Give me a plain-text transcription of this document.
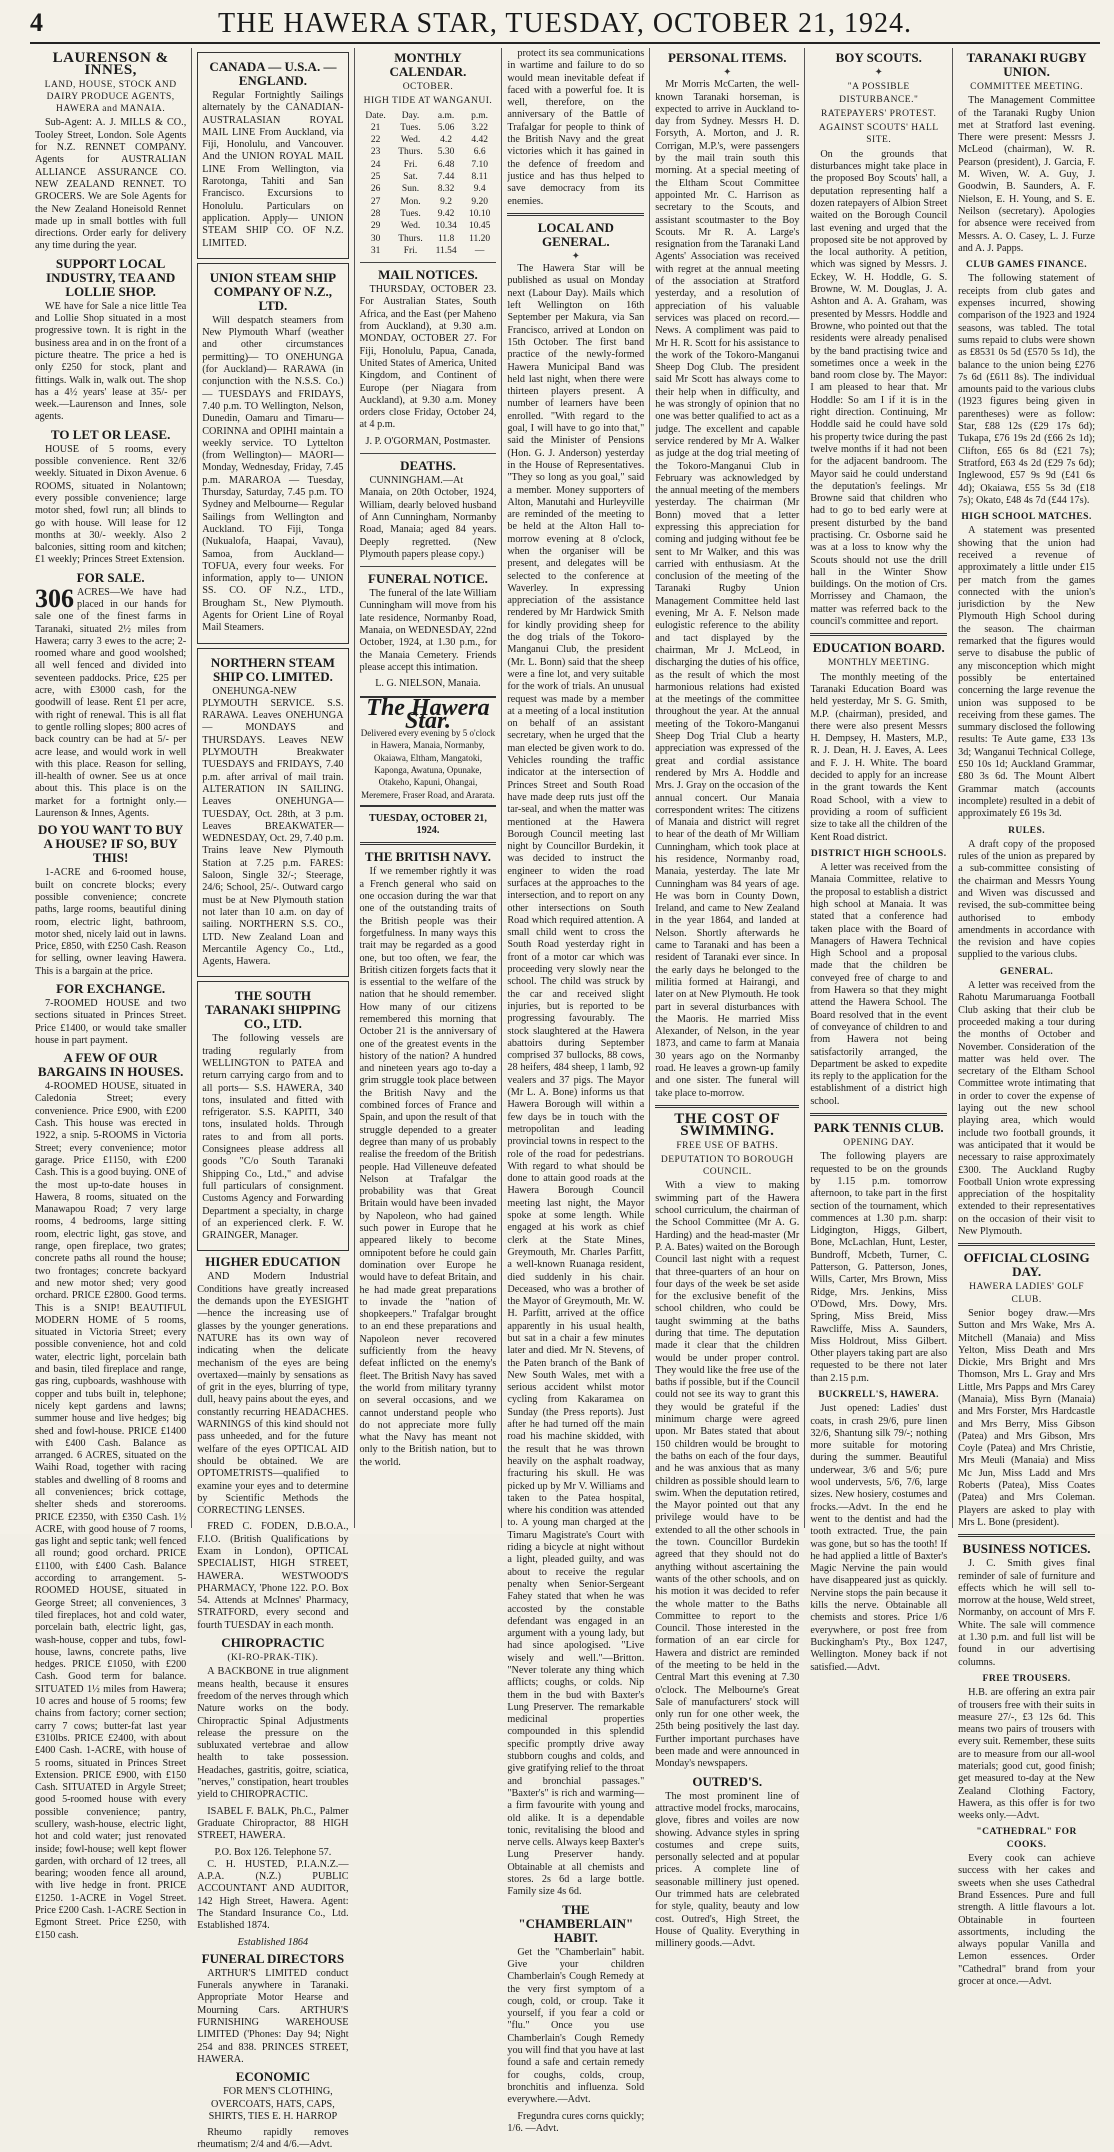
4	THE HAWERA STAR, TUESDAY, OCTOBER 21, 1924.
LAURENSON & INNES,
LAND, HOUSE, STOCK AND DAIRY PRODUCE AGENTS, HAWERA and MANAIA.

Sub-Agent: A. J. MILLS & CO., Tooley Street, London. Sole Agents for N.Z. RENNET COMPANY. Agents for AUSTRALIAN ALLIANCE ASSURANCE CO. NEW ZEALAND RENNET. TO GROCERS. We are Sole Agents for the New Zealand Honeisold Rennet made up in small bottles with full directions. Order early for delivery any time during the year.

SUPPORT LOCAL INDUSTRY, TEA AND LOLLIE SHOP.

WE have for Sale a nice little Tea and Lollie Shop situated in a most progressive town. It is right in the business area and in on the front of a picture theatre. The price a hed is only £250 for stock, plant and fittings. Walk in, walk out. The shop has a 4½ years' lease at 35/- per week.—Laurenson and Innes, sole agents.

TO LET OR LEASE.

HOUSE of 5 rooms, every possible convenience. Rent 32/6 weekly. Situated in Dixon Avenue. 6 ROOMS, situated in Nolantown; every possible convenience; large motor shed, fowl run; all blinds to go with house. Will lease for 12 months at 30/- weekly. Also 2 balconies, sitting room and kitchen; £1 weekly; Princes Street Extension.

FOR SALE.
306 ACRES—We have had placed in our hands for sale one of the finest farms in Taranaki, situated 2½ miles from Hawera; carry 3 ewes to the acre; 2-roomed whare and good woolshed; all well fenced and divided into seventeen paddocks. Price, £25 per acre, with £3000 cash, for the goodwill of lease. Rent £1 per acre, with right of renewal. This is all flat to gentle rolling slopes; 800 acres of back country can be had at 5/- per acre lease, and would work in well with this place. Reason for selling, ill-health of owner. See us at once about this. This place is on the market for a fortnight only.—Laurenson & Innes, Agents.
DO YOU WANT TO BUY A HOUSE? IF SO, BUY THIS!

1-ACRE and 6-roomed house, built on concrete blocks; every possible convenience; concrete paths, large rooms, beautiful dining room, electric light, bathroom, motor shed, nicely laid out in lawns. Price, £850, with £250 Cash. Reason for selling, owner leaving Hawera. This is a bargain at the price.

FOR EXCHANGE.

7-ROOMED HOUSE and two sections situated in Princes Street. Price £1400, or would take smaller house in part payment.

A FEW OF OUR BARGAINS IN HOUSES.

4-ROOMED HOUSE, situated in Caledonia Street; every convenience. Price £900, with £200 Cash. This house was erected in 1922, a snip. 5-ROOMS in Victoria Street; every convenience; motor garage. Price £1150, with £200 Cash. This is a good buying. ONE of the most up-to-date houses in Hawera, 8 rooms, situated on the Manawapou Road; 7 very large rooms, 4 bedrooms, large sitting room, electric light, gas stove, and range, open fireplace, two grates; concrete paths all round the house; two frontages; concrete backyard and new motor shed; very good orchard. PRICE £2800. Good terms. This is a SNIP! BEAUTIFUL MODERN HOME of 5 rooms, situated in Victoria Street; every possible convenience, hot and cold water, electric light, porcelain bath and basin, tiled fireplace and range, gas ring, cupboards, washhouse with copper and tubs built in, telephone; nicely kept gardens and lawns; summer house and live hedges; big shed and fowl-house. PRICE £1400 with £400 Cash. Balance as arranged. 6 ACRES, situated on the Waihi Road, together with racing stables and dwelling of 8 rooms and all conveniences; brick cottage, shelter sheds and storerooms. PRICE £2350, with £350 Cash. 1½ ACRE, with good house of 7 rooms, gas light and septic tank; well fenced all round; good orchard. PRICE £1100, with £400 Cash. Balance according to arrangement. 5-ROOMED HOUSE, situated in George Street; all conveniences, 3 tiled fireplaces, hot and cold water, porcelain bath, electric light, gas, wash-house, copper and tubs, fowl-house, lawns, concrete paths, live hedges. PRICE £1050, with £200 Cash. Good term for balance. SITUATED 1½ miles from Hawera; 10 acres and house of 5 rooms; few chains from factory; corner section; carry 7 cows; butter-fat last year £310lbs. PRICE £2400, with about £400 Cash. 1-ACRE, with house of 5 rooms, situated in Princes Street Extension. PRICE £900, with £150 Cash. SITUATED in Argyle Street; good 5-roomed house with every possible convenience; pantry, scullery, wash-house, electric light, hot and cold water; just renovated inside; fowl-house; well kept flower garden, with orchard of 12 trees, all bearing; wooden fence all around, with live hedge in front. PRICE £1250. 1-ACRE in Vogel Street. Price £200 Cash. 1-ACRE Section in Egmont Street. Price £250, with £150 cash.

CANADA — U.S.A. — ENGLAND.

Regular Fortnightly Sailings alternately by the CANADIAN-AUSTRALASIAN ROYAL MAIL LINE From Auckland, via Fiji, Honolulu, and Vancouver. And the UNION ROYAL MAIL LINE From Wellington, via Rarotonga, Tahiti and San Francisco. Excursions to Honolulu. Particulars on application. Apply— UNION STEAM SHIP CO. OF N.Z. LIMITED.

UNION STEAM SHIP COMPANY OF N.Z., LTD.

Will despatch steamers from New Plymouth Wharf (weather and other circumstances permitting)— TO ONEHUNGA (for Auckland)— RARAWA (in conjunction with the N.S.S. Co.)— TUESDAYS and FRIDAYS, 7.40 p.m. TO Wellington, Nelson, Dunedin, Oamaru and Timaru— CORINNA and OPIHI maintain a weekly service. TO Lyttelton (from Wellington)— MAORI—Monday, Wednesday, Friday, 7.45 p.m. MARAROA — Tuesday, Thursday, Saturday, 7.45 p.m. TO Sydney and Melbourne— Regular Sailings from Wellington and Auckland. TO Fiji, Tonga (Nukualofa, Haapai, Vavau), Samoa, from Auckland— TOFUA, every four weeks. For information, apply to— UNION SS. CO. OF N.Z., LTD., Brougham St., New Plymouth. Agents for Orient Line of Royal Mail Steamers.

NORTHERN STEAM SHIP CO. LIMITED.

ONEHUNGA-NEW PLYMOUTH SERVICE. S.S. RARAWA. Leaves ONEHUNGA— MONDAYS and THURSDAYS. Leaves NEW PLYMOUTH Breakwater TUESDAYS and FRIDAYS, 7.40 p.m. after arrival of mail train. ALTERATION IN SAILING. Leaves ONEHUNGA— TUESDAY, Oct. 28th, at 3 p.m. Leaves BREAKWATER— WEDNESDAY, Oct. 29, 7.40 p.m. Trains leave New Plymouth Station at 7.25 p.m. FARES: Saloon, Single 32/-; Steerage, 24/6; School, 25/-. Outward cargo must be at New Plymouth station not later than 10 a.m. on day of sailing. NORTHERN S.S. CO., LTD. New Zealand Loan and Mercantile Agency Co., Ltd., Agents, Hawera.

THE SOUTH TARANAKI SHIPPING CO., LTD.

The following vessels are trading regularly from WELLINGTON to PATEA and return carrying cargo from and to all ports— S.S. HAWERA, 340 tons, insulated and fitted with refrigerator. S.S. KAPITI, 340 tons, insulated holds. Through rates to and from all ports. Consignees please address all goods "C/o South Taranaki Shipping Co., Ltd.," and advise full particulars of consignment. Customs Agency and Forwarding Department a specialty, in charge of an experienced clerk. F. W. GRAINGER, Manager.

HIGHER EDUCATION

AND Modern Industrial Conditions have greatly increased the demands upon the EYESIGHT—hence the increasing use of glasses by the younger generations. NATURE has its own way of indicating when the delicate mechanism of the eyes are being overtaxed—mainly by sensations as of grit in the eyes, blurring of type, dull, heavy pains about the eyes, and constantly recurring HEADACHES. WARNINGS of this kind should not pass unheeded, and for the future welfare of the eyes OPTICAL AID should be obtained. We are OPTOMETRISTS—qualified to examine your eyes and to determine by Scientific Methods the CORRECTING LENSES.

FRED C. FODEN, D.B.O.A., F.I.O. (British Qualifications by Exam in London), OPTICAL SPECIALIST, HIGH STREET, HAWERA. WESTWOOD'S PHARMACY, 'Phone 122. P.O. Box 54. Attends at McInnes' Pharmacy, STRATFORD, every second and fourth TUESDAY in each month.

CHIROPRACTIC
(KI-RO-PRAK-TIK).

A BACKBONE in true alignment means health, because it ensures freedom of the nerves through which Nature works on the body. Chiropractic Spinal Adjustments release the pressure on the subluxated vertebrae and allow health to take possession. Headaches, gastritis, goitre, sciatica, "nerves," constipation, heart troubles yield to CHIROPRACTIC.

ISABEL F. BALK, Ph.C., Palmer Graduate Chiropractor, 88 HIGH STREET, HAWERA.

P.O. Box 126. Telephone 57.

C. H. HUSTED, P.I.A.N.Z.—A.P.A. (N.Z.) PUBLIC ACCOUNTANT AND AUDITOR, 142 High Street, Hawera. Agent: The Standard Insurance Co., Ltd. Established 1874.

Established 1864
FUNERAL DIRECTORS

ARTHUR'S LIMITED conduct Funerals anywhere in Taranaki. Appropriate Motor Hearse and Mourning Cars. ARTHUR'S FURNISHING WAREHOUSE LIMITED ('Phones: Day 94; Night 254 and 838. PRINCES STREET, HAWERA.

ECONOMIC

FOR MEN'S CLOTHING, OVERCOATS, HATS, CAPS, SHIRTS, TIES E. H. HARROP

Rheumo rapidly removes rheumatism; 2/4 and 4/6.—Advt.

MONTHLY CALENDAR.
OCTOBER.
HIGH TIDE AT WANGANUI.
Date.	Day.	a.m.	p.m.
21	Tues.	5.06	3.22
22	Wed.	4.2	4.42
23	Thurs.	5.30	6.6
24	Fri.	6.48	7.10
25	Sat.	7.44	8.11
26	Sun.	8.32	9.4
27	Mon.	9.2	9.20
28	Tues.	9.42	10.10
29	Wed.	10.34	10.45
30	Thurs.	11.8	11.20
31	Fri.	11.54	—
MAIL NOTICES.

THURSDAY, OCTOBER 23. For Australian States, South Africa, and the East (per Maheno from Auckland), at 9.30 a.m. MONDAY, OCTOBER 27. For Fiji, Honolulu, Papua, Canada, United States of America, United Kingdom, and Continent of Europe (per Niagara from Auckland), at 9.30 a.m. Money orders close Friday, October 24, at 4 p.m.

J. P. O'GORMAN, Postmaster.
DEATHS.

CUNNINGHAM.—At Manaia, on 20th October, 1924, William, dearly beloved husband of Ann Cunningham, Normanby Road, Manaia; aged 84 years. Deeply regretted. (New Plymouth papers please copy.)

FUNERAL NOTICE.

The funeral of the late William Cunningham will move from his late residence, Normanby Road, Manaia, on WEDNESDAY, 22nd October, 1924, at 1.30 p.m., for the Manaia Cemetery. Friends please accept this intimation.

L. G. NIELSON, Manaia.
The Hawera Star.
Delivered every evening by 5 o'clock in Hawera, Manaia, Normanby, Okaiawa, Eltham, Mangatoki, Kaponga, Awatuna, Opunake, Otakeho, Kapuni, Ohangai, Meremere, Fraser Road, and Ararata.
TUESDAY, OCTOBER 21, 1924.
THE BRITISH NAVY.

If we remember rightly it was a French general who said on one occasion during the war that one of the outstanding traits of the British people was their forgetfulness. In many ways this trait may be regarded as a good one, but too often, we fear, the British citizen forgets facts that it is essential to the welfare of the nation that he should remember. How many of our citizens remembered this morning that October 21 is the anniversary of one of the greatest events in the history of the nation? A hundred and nineteen years ago to-day a grim struggle took place between the British Navy and the combined forces of France and Spain, and upon the result of that struggle depended to a greater degree than many of us probably realise the freedom of the British people. Had Villeneuve defeated Nelson at Trafalgar the probability was that Great Britain would have been invaded by Napoleon, who had gained such power in Europe that he appeared likely to become omnipotent before he could gain domination over Europe he would have to defeat Britain, and he had made great preparations to invade the "nation of shopkeepers." Trafalgar brought to an end these preparations and Napoleon never recovered sufficiently from the heavy defeat inflicted on the enemy's fleet. The British Navy has saved the world from military tyranny on several occasions, and we cannot understand people who do not appreciate more fully what the Navy has meant not only to the British nation, but to the world.

protect its sea communications in wartime and failure to do so would mean inevitable defeat if faced with a powerful foe. It is well, therefore, on the anniversary of the Battle of Trafalgar for people to think of the British Navy and the great victories which it has gained in the defence of freedom and justice and has thus helped to save democracy from its enemies.

LOCAL AND GENERAL.
✦

The Hawera Star will be published as usual on Monday next (Labour Day). Mails which left Wellington on 16th September per Makura, via San Francisco, arrived at London on 15th October. The first band practice of the newly-formed Hawera Municipal Band was held last night, when there were thirteen players present. A number of learners have been enrolled. "With regard to the goal, I will have to go into that," said the Minister of Pensions (Hon. G. J. Anderson) yesterday in the House of Representatives. "They so long as you goal," said a member. Money supporters of Alton, Manutahi and Hurleyville are reminded of the meeting to be held at the Alton Hall to-morrow evening at 8 o'clock, when the organiser will be present, and delegates will be selected to the conference at Waverley. In expressing appreciation of the assistance rendered by Mr Hardwick Smith for kindly providing sheep for the dog trials of the Tokoro-Manganui Club, the president (Mr. L. Bonn) said that the sheep were a fine lot, and very suitable for the work of trials. An unusual request was made by a member at a meeting of a local institution on behalf of an assistant secretary, when he urged that the man elected be given work to do. Vehicles rounding the traffic indicator at the intersection of Princes Street and South Road have made deep ruts just off the tar-seal, and when the matter was mentioned at the Hawera Borough Council meeting last night by Councillor Burdekin, it was decided to instruct the engineer to widen the road surfaces at the approaches to the intersection, and to report on any other intersections on South Road which required attention. A small child went to cross the South Road yesterday right in front of a motor car which was proceeding very slowly near the school. The child was struck by the car and received slight injuries, but is reported to be progressing favourably. The stock slaughtered at the Hawera abattoirs during September comprised 37 bullocks, 88 cows, 28 heifers, 484 sheep, 1 lamb, 92 vealers and 37 pigs. The Mayor (Mr L. A. Bone) informs us that Hawera Borough will within a few days be in touch with the metropolitan and leading provincial towns in respect to the role of the road for pedestrians. With regard to what should be done to attain good roads at the Hawera Borough Council meeting last night, the Mayor spoke at some length. While engaged at his work as chief clerk at the State Mines, Greymouth, Mr. Charles Parfitt, a well-known Ruanaga resident, died suddenly in his chair. Deceased, who was a brother of the Mayor of Greymouth, Mr. W. H. Parfitt, arrived at the office apparently in his usual health, but sat in a chair a few minutes later and died. Mr N. Stevens, of the Paten branch of the Bank of New South Wales, met with a serious accident whilst motor cycling from Kakaramea on Sunday (the Press reports). Just after he had turned off the main road his machine skidded, with the result that he was thrown heavily on the asphalt roadway, fracturing his skull. He was picked up by Mr V. Williams and taken to the Patea hospital, where his condition was attended to. A young man charged at the Timaru Magistrate's Court with riding a bicycle at night without a light, pleaded guilty, and was about to receive the regular penalty when Senior-Sergeant Fahey stated that when he was accosted by the constable defendant was engaged in an argument with a young lady, but had since apologised. "Live wisely and well."—Britton. "Never tolerate any thing which afflicts; coughs, or colds. Nip them in the bud with Baxter's Lung Preserver. The remarkable medicinal properties compounded in this splendid specific promptly drive away stubborn coughs and colds, and give gratifying relief to the throat and bronchial passages." "Baxter's" is rich and warming—a firm favourite with young and old alike. It is a dependable tonic, revitalising the blood and nerve cells. Always keep Baxter's Lung Preserver handy. Obtainable at all chemists and stores. 2s 6d a large bottle. Family size 4s 6d.

THE "CHAMBERLAIN" HABIT.

Get the "Chamberlain" habit. Give your children Chamberlain's Cough Remedy at the very first symptom of a cough, cold, or croup. Take it yourself, if you fear a cold or "flu." Once you use Chamberlain's Cough Remedy you will find that you have at last found a safe and certain remedy for coughs, colds, croup, bronchitis and influenza. Sold everywhere.—Advt.

Fregundra cures corns quickly; 1/6. —Advt.

PERSONAL ITEMS.
✦

Mr Morris McCarten, the well-known Taranaki horseman, is expected to arrive in Auckland to-day from Sydney. Messrs H. D. Forsyth, A. Morton, and J. R. Corrigan, M.P.'s, were passengers by the mail train south this morning. At a special meeting of the Eltham Scout Committee appointed Mr. C. Harrison as secretary to the Scouts, and assistant scoutmaster to the Boy Scouts. Mr R. A. Large's resignation from the Taranaki Land Agents' Association was received with regret at the annual meeting of the association at Stratford yesterday, and a resolution of appreciation of his valuable services was placed on record.—News. A compliment was paid to Mr H. R. Scott for his assistance to the work of the Tokoro-Manganui Sheep Dog Club. The president said Mr Scott has always come to their help when in difficulty, and he was strongly of opinion that no one was better qualified to act as a judge. The excellent and capable service rendered by Mr A. Walker as judge at the dog trial meeting of the Tokoro-Manganui Club in February was acknowledged by the annual meeting of the members yesterday. The chairman (Mr Bonn) moved that a letter expressing this appreciation for coming and judging without fee be sent to Mr Walker, and this was carried with enthusiasm. At the conclusion of the meeting of the Taranaki Rugby Union Management Committee held last evening, Mr A. F. Nelson made eulogistic reference to the ability and tact displayed by the chairman, Mr J. McLeod, in discharging the duties of his office, as the result of which the most harmonious relations had existed at the meetings of the committee throughout the year. At the annual meeting of the Tokoro-Manganui Sheep Dog Trial Club a hearty appreciation was expressed of the great and cordial assistance rendered by Mrs A. Hoddle and Mrs. J. Gray on the occasion of the annual concert. Our Manaia correspondent writes: The citizens of Manaia and district will regret to hear of the death of Mr William Cunningham, which took place at his residence, Normanby road, Manaia, yesterday. The late Mr Cunningham was 84 years of age. He was born in County Down, Ireland, and came to New Zealand in the year 1864, and landed at Nelson. Shortly afterwards he came to Taranaki and has been a resident of Taranaki ever since. In the early days he belonged to the militia formed at Hairangi, and later on at New Plymouth. He took part in several disturbances with the Maoris. He married Miss Alexander, of Nelson, in the year 1873, and came to farm at Manaia 30 years ago on the Normanby road. He leaves a grown-up family and one sister. The funeral will take place to-morrow.

THE COST OF SWIMMING.
FREE USE OF BATHS.
DEPUTATION TO BOROUGH COUNCIL.

With a view to making swimming part of the Hawera school curriculum, the chairman of the School Committee (Mr A. G. Harding) and the head-master (Mr P. A. Bates) waited on the Borough Council last night with a request that three-quarters of an hour on four days of the week be set aside for the exclusive benefit of the school children, who could be taught swimming at the baths during that time. The deputation made it clear that the children would be under proper control. They would like the free use of the baths if possible, but if the Council could not see its way to grant this they would be grateful if the minimum charge were agreed upon. Mr Bates stated that about 150 children would be brought to the baths on each of the four days, and he was anxious that as many children as possible should learn to swim. When the deputation retired, the Mayor pointed out that any privilege would have to be extended to all the other schools in the town. Councillor Burdekin agreed that they should not do anything without ascertaining the wants of the other schools, and on his motion it was decided to refer the whole matter to the Baths Committee to report to the Council. Those interested in the formation of an ear circle for Hawera and district are reminded of the meeting to be held in the Central Mart this evening at 7.30 o'clock. The Melbourne's Great Sale of manufacturers' stock will only run for one other week, the 25th being positively the last day. Further important purchases have been made and were announced in Monday's newspapers.

OUTRED'S.

The most prominent line of attractive model frocks, marocains, glove, fibres and voiles are now showing. Advance styles in spring costumes and crepe suits, personally selected and at popular prices. A complete line of seasonable millinery just opened. Our trimmed hats are celebrated for style, quality, beauty and low cost. Outred's, High Street, the House of Quality. Everything in millinery goods.—Advt.

BOY SCOUTS.
✦
"A POSSIBLE DISTURBANCE."
RATEPAYERS' PROTEST.
AGAINST SCOUTS' HALL SITE.

On the grounds that disturbances might take place in the proposed Boy Scouts' hall, a deputation representing half a dozen ratepayers of Albion Street waited on the Borough Council last evening and urged that the proposed site be not approved by the local authority. A petition, which was signed by Messrs. J. Eckey, W. H. Hoddle, G. S. Browne, W. M. Douglas, J. A. Ashton and A. A. Graham, was presented by Messrs. Hoddle and Browne, who pointed out that the residents were already penalised by the band practising twice and sometimes once a week in the band room close by. The Mayor: I am pleased to hear that. Mr Hoddle: So am I if it is in the right direction. Continuing, Mr Hoddle said he could have sold his property twice during the past twelve months if it had not been for the adjacent bandroom. The Mayor said he could understand the deputation's feelings. Mr Browne said that children who had to go to bed early were at present disturbed by the band practising. Cr. Osborne said he was at a loss to know why the Scouts should not use the drill hall in the Winter Show buildings. On the motion of Crs. Morrissey and Chamaon, the matter was referred back to the council's committee and report.

EDUCATION BOARD.
MONTHLY MEETING.

The monthly meeting of the Taranaki Education Board was held yesterday, Mr S. G. Smith, M.P. (chairman), presided, and there were also present Messrs H. Dempsey, H. Masters, M.P., R. J. Dean, H. J. Eaves, A. Lees and F. J. H. White. The board decided to apply for an increase in the grant towards the Kent Road School, with a view to providing a room of sufficient size to take all the children of the Kent Road district.

DISTRICT HIGH SCHOOLS.

A letter was received from the Manaia Committee, relative to the proposal to establish a district high school at Manaia. It was stated that a conference had taken place with the Board of Managers of Hawera Technical High School and a proposal made that the children be conveyed free of charge to and from Hawera so that they might attend the Hawera School. The Board resolved that in the event of conveyance of children to and from Hawera not being satisfactorily arranged, the Department be asked to expedite its reply to the application for the establishment of a district high school.

PARK TENNIS CLUB.
OPENING DAY.

The following players are requested to be on the grounds by 1.15 p.m. tomorrow afternoon, to take part in the first section of the tournament, which commences at 1.30 p.m. sharp: Lidgington, Higgs, Gilbert, Bone, McLachlan, Hunt, Lester, Bundroff, Mcbeth, Turner, C. Patterson, G. Patterson, Jones, Wills, Carter, Mrs Brown, Miss Ridge, Mrs. Jenkins, Miss O'Dowd, Mrs. Dowy, Mrs. Spring, Miss Breid, Miss Rawcliffe, Miss A. Saunders, Miss Holdrout, Miss Gilbert. Other players taking part are also requested to be there not later than 2.15 p.m.

BUCKRELL'S, HAWERA.

Just opened: Ladies' dust coats, in crash 29/6, pure linen 32/6, Shantung silk 79/-; nothing more suitable for motoring during the summer. Beautiful underwear, 3/6 and 5/6; pure wool undervests, 5/6, 7/6, large sizes. New hosiery, costumes and frocks.—Advt. In the end he went to the dentist and had the tooth extracted. True, the pain was gone, but so has the tooth! If he had applied a little of Baxter's Magic Nervine the pain would have disappeared just as quickly. Nervine stops the pain because it kills the nerve. Obtainable all chemists and stores. Price 1/6 everywhere, or post free from Buckingham's Pty., Box 1247, Wellington. Money back if not satisfied.—Advt.

TARANAKI RUGBY UNION.
COMMITTEE MEETING.

The Management Committee of the Taranaki Rugby Union met at Stratford last evening. There were present: Messrs J. McLeod (chairman), W. R. Pearson (president), J. Garcia, F. M. Wiven, W. A. Guy, J. Goodwin, B. Saunders, A. F. Nielson, E. H. Young, and S. E. Neilson (secretary). Apologies for absence were received from Messrs. A. O. Casey, L. J. Furze and A. J. Papps.

CLUB GAMES FINANCE.

The following statement of receipts from club gates and expenses incurred, showing comparison of the 1923 and 1924 seasons, was tabled. The total sums repaid to clubs were shown as £8531 0s 5d (£570 5s 1d), the balance to the union being £276 7s 6d (£611 8s). The individual amounts paid to the various clubs (1923 figures being given in parentheses) were as follow: Star, £88 12s (£29 17s 6d); Tukapa, £76 19s 2d (£66 2s 1d); Clifton, £65 6s 8d (£21 7s); Stratford, £63 4s 2d (£29 7s 6d); Inglewood, £57 9s 9d (£41 6s 4d); Okaiawa, £55 5s 3d (£18 7s); Okato, £48 4s 7d (£44 17s).

HIGH SCHOOL MATCHES.

A statement was presented showing that the union had received a revenue of approximately a little under £15 per match from the games connected with the union's jurisdiction by the New Plymouth High School during the season. The chairman remarked that the figures would serve to disabuse the public of any misconception which might possibly be entertained concerning the large revenue the union was supposed to be receiving from these games. The summary disclosed the following results: Te Aute game, £33 13s 3d; Wanganui Technical College, £50 10s 1d; Auckland Grammar, £80 3s 6d. The Mount Albert Grammar match (accounts incomplete) resulted in a debit of approximately £6 19s 3d.

RULES.

A draft copy of the proposed rules of the union as prepared by a sub-committee consisting of the chairman and Messrs Young and Wiven was discussed and revised, the sub-committee being authorised to embody amendments in accordance with the revision and have copies supplied to the various clubs.

GENERAL.

A letter was received from the Rahotu Marumaruanga Football Club asking that their club be proceeded making a tour during the months of October and November. Consideration of the matter was held over. The secretary of the Eltham School Committee wrote intimating that in order to cover the expense of laying out the new school playing area, which would include two football grounds, it was anticipated that it would be necessary to raise approximately £300. The Auckland Rugby Football Union wrote expressing appreciation of the hospitality extended to their representatives on the occasion of their visit to New Plymouth.

OFFICIAL CLOSING DAY.
HAWERA LADIES' GOLF CLUB.

Senior bogey draw.—Mrs Sutton and Mrs Wake, Mrs A. Mitchell (Manaia) and Miss Yelton, Miss Death and Mrs Dickie, Mrs Bright and Mrs Thomson, Mrs L. Gray and Mrs Little, Mrs Papps and Mrs Carey (Manaia), Miss Byrn (Manaia) and Mrs Forster, Mrs Hardcastle and Mrs Berry, Miss Gibson (Patea) and Mrs Gibson, Mrs Coyle (Patea) and Mrs Christie, Mrs Meuli (Manaia) and Miss Mc Jun, Miss Ladd and Mrs Roberts (Patea), Miss Coates (Patea) and Mrs Coleman. Players are asked to play with Mrs L. Bone (president).

BUSINESS NOTICES.

J. C. Smith gives final reminder of sale of furniture and effects which he will sell to-morrow at the house, Weld street, Normanby, on account of Mrs F. White. The sale will commence at 1.30 p.m. and full list will be found in our advertising columns.

FREE TROUSERS.

H.B. are offering an extra pair of trousers free with their suits in measure 27/-, £3 12s 6d. This means two pairs of trousers with every suit. Remember, these suits are to measure from our all-wool materials; good cut, good finish; get measured to-day at the New Zealand Clothing Factory, Hawera, as this offer is for two weeks only.—Advt.

"CATHEDRAL" FOR COOKS.

Every cook can achieve success with her cakes and sweets when she uses Cathedral Brand Essences. Pure and full strength. A little flavours a lot. Obtainable in fourteen assortments, including the always popular Vanilla and Lemon essences. Order "Cathedral" brand from your grocer at once.—Advt.
